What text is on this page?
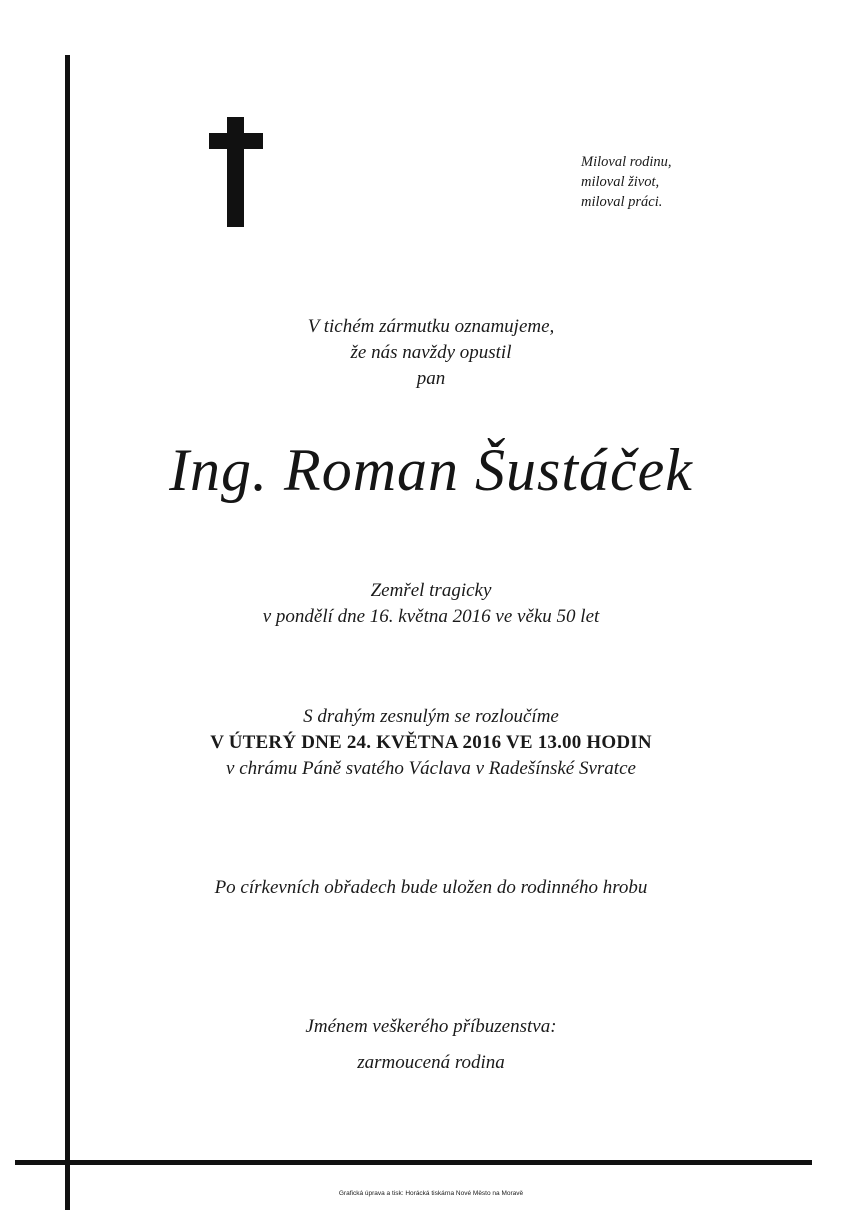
Miloval rodinu,
miloval život,
miloval práci.
V tichém zármutku oznamujeme,
že nás navždy opustil
pan
Ing. Roman Šustáček
Zemřel tragicky
v pondělí dne 16. května 2016 ve věku 50 let
S drahým zesnulým se rozloučíme
V ÚTERÝ DNE 24. KVĚTNA 2016 VE 13.00 HODIN
v chrámu Páně svatého Václava v Radešínské Svratce
Po církevních obřadech bude uložen do rodinného hrobu
Jménem veškerého příbuzenstva:
zarmoucená rodina
Grafická úprava a tisk: Horácká tiskárna Nové Město na Moravě
